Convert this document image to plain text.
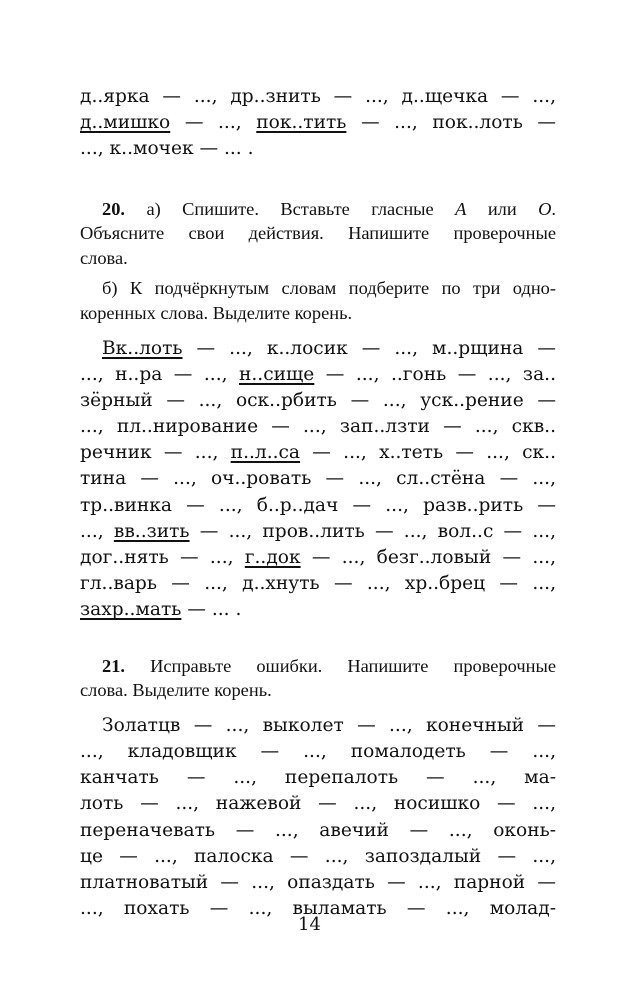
д..ярка — ..., др..знить — ..., д..щечка — ...,
д..мишко — ..., пок..тить — ..., пок..лоть —
..., к..мочек — ... .
20. а) Спишите. Вставьте гласные А или О.
Объясните свои действия. Напишите проверочные
слова.
б) К подчёркнутым словам подберите по три одно-
коренных слова. Выделите корень.
Вк..лоть — ..., к..лосик — ..., м..рщина —
..., н..ра — ..., н..сище — ..., ..гонь — ..., за..
зёрный — ..., оск..рбить — ..., уск..рение —
..., пл..нирование — ..., зап..лзти — ..., скв..
речник — ..., п..л..са — ..., х..теть — ..., ск..
тина — ..., оч..ровать — ..., сл..стёна — ...,
тр..винка — ..., б..р..дач — ..., разв..рить —
..., вв..зить — ..., пров..лить — ..., вол..с — ...,
дог..нять — ..., г..док — ..., безг..ловый — ...,
гл..варь — ..., д..хнуть — ..., хр..брец — ...,
захр..мать — ... .
21. Исправьте ошибки. Напишите проверочные
слова. Выделите корень.
Золатцв — ..., выколет — ..., конечный —
..., кладовщик — ..., помалодеть — ...,
канчать — ..., перепалоть — ..., ма-
лоть — ..., нажевой — ..., носишко — ...,
переначевать — ..., авечий — ..., оконь-
це — ..., палоска — ..., запоздалый — ...,
платноватый — ..., опаздать — ..., парной —
..., похать — ..., выламать — ..., молад-
14
